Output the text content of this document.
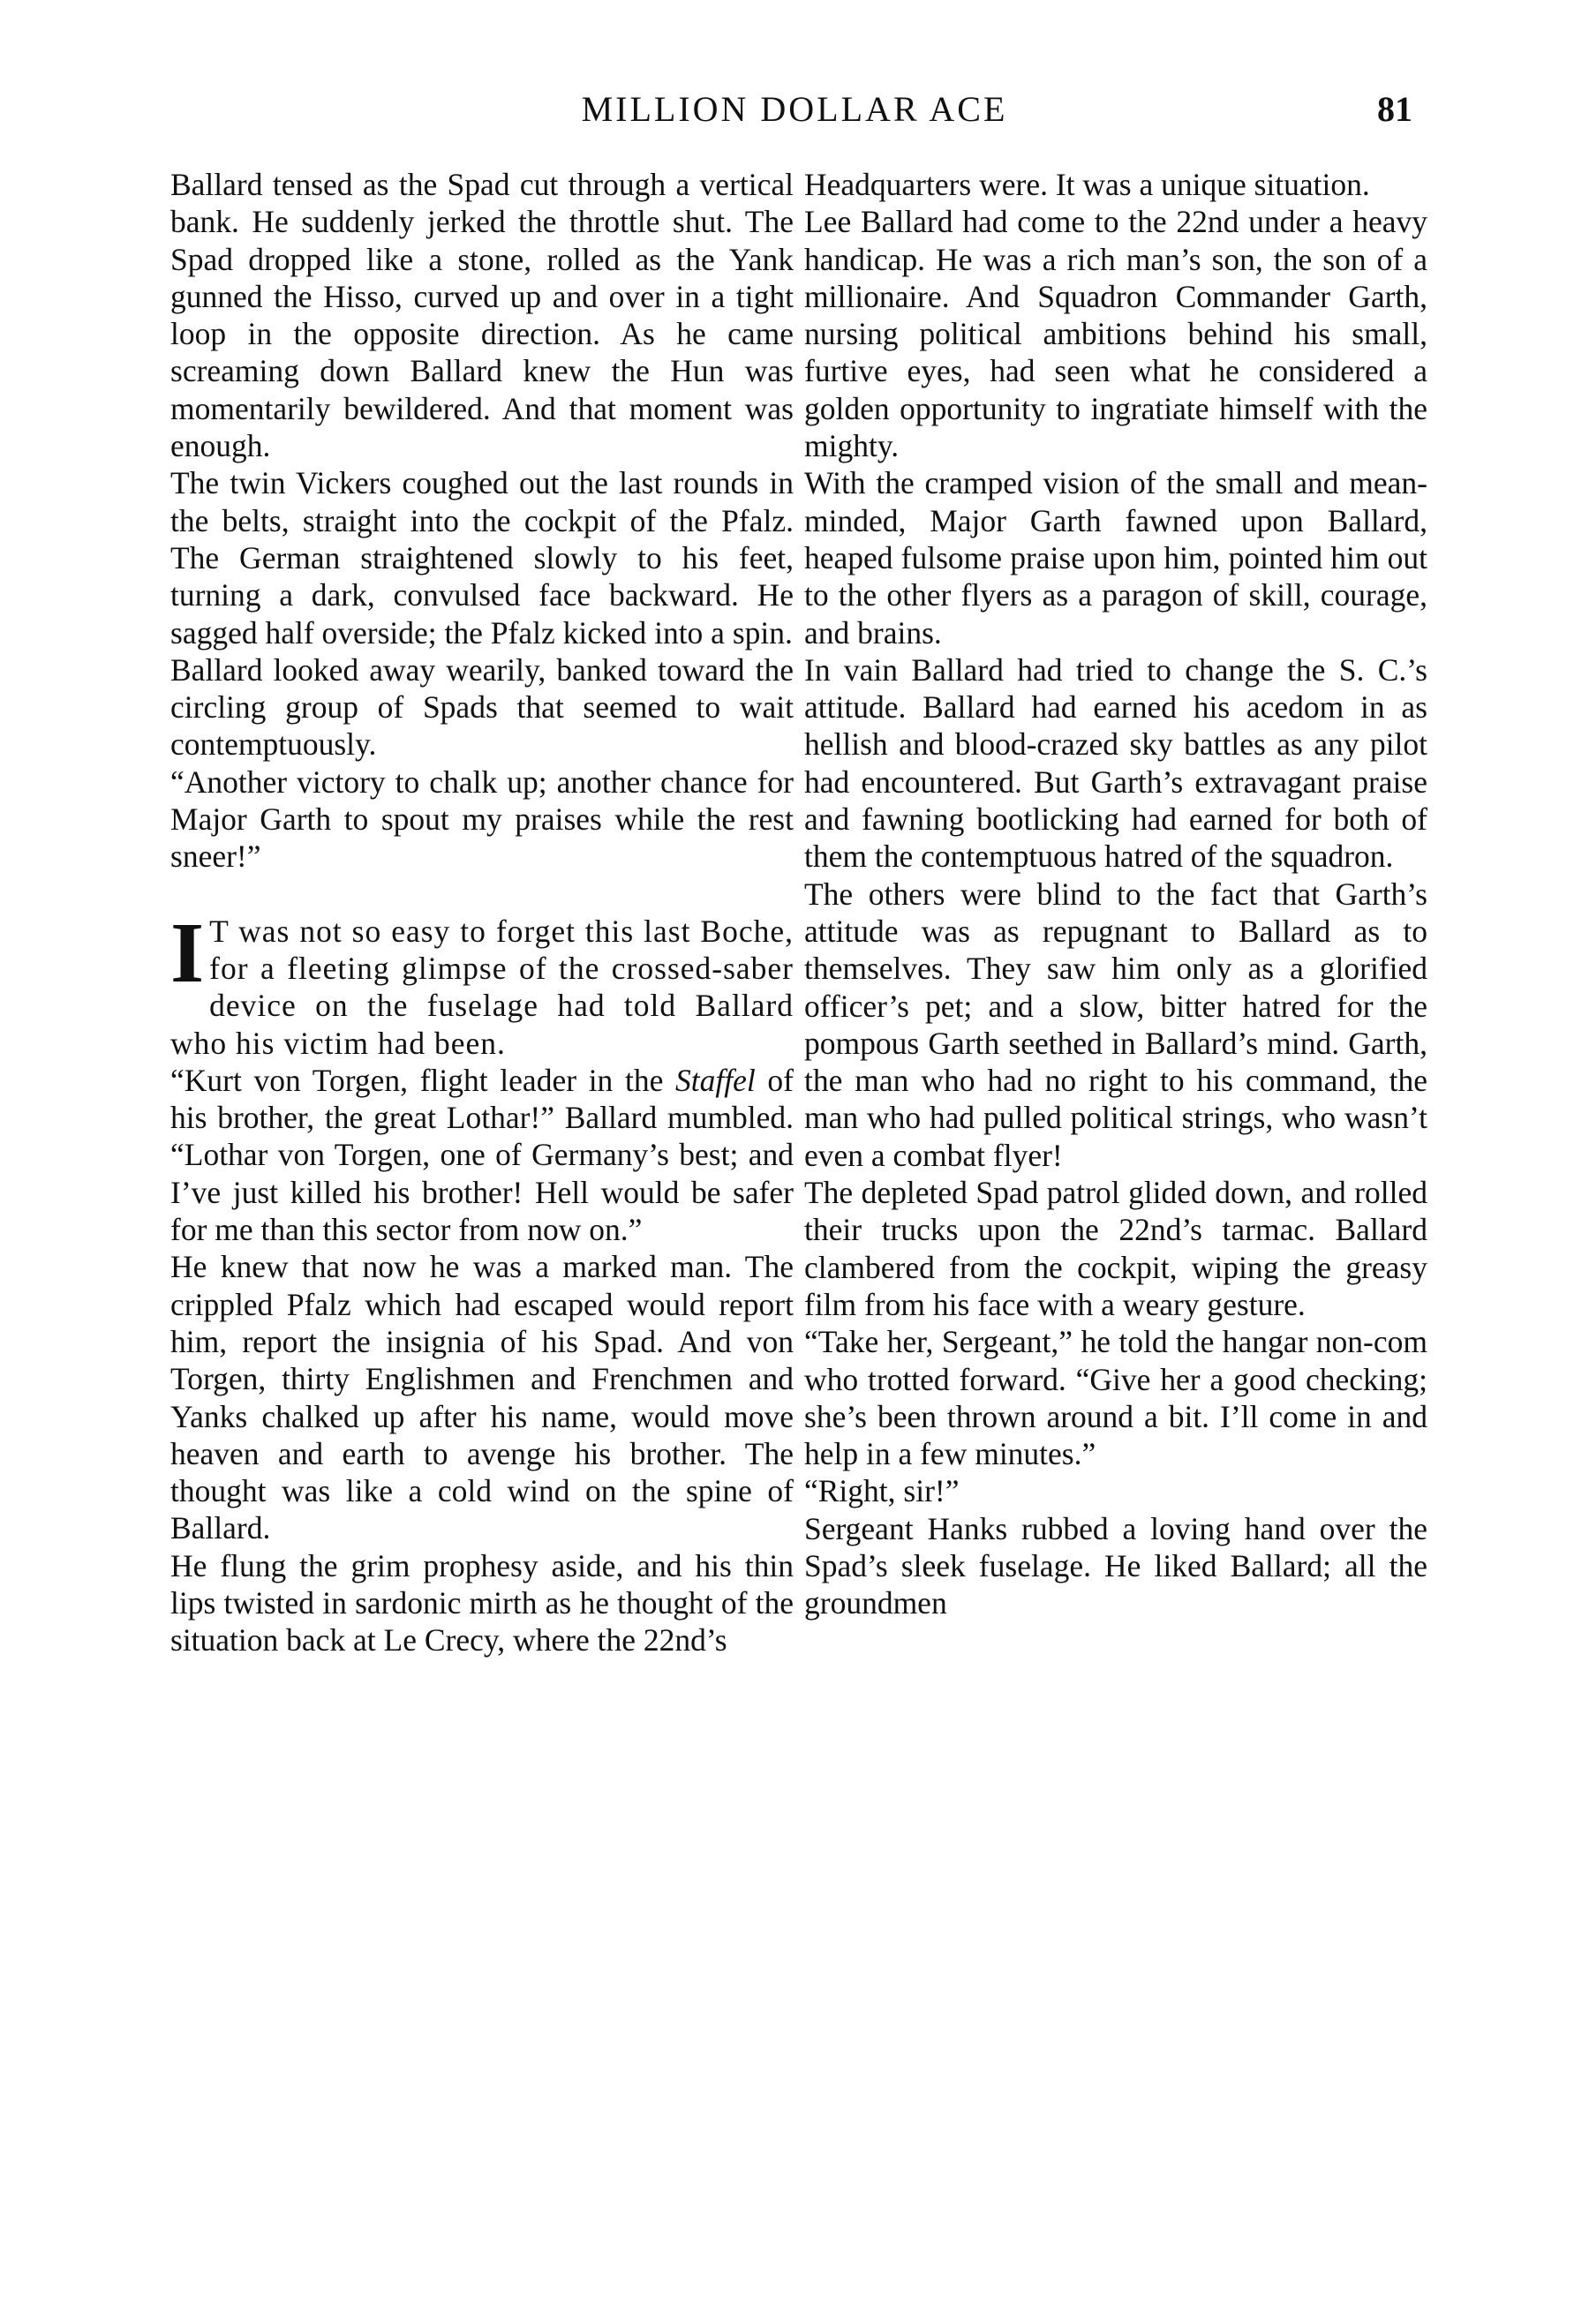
MILLION DOLLAR ACE	81

Ballard tensed as the Spad cut through a vertical bank. He suddenly jerked the throttle shut. The Spad dropped like a stone, rolled as the Yank gunned the Hisso, curved up and over in a tight loop in the opposite direction. As he came screaming down Ballard knew the Hun was momentarily bewildered. And that moment was enough.

The twin Vickers coughed out the last rounds in the belts, straight into the cockpit of the Pfalz. The German straightened slowly to his feet, turning a dark, convulsed face backward. He sagged half overside; the Pfalz kicked into a spin.

Ballard looked away wearily, banked toward the circling group of Spads that seemed to wait contemptuously.

“Another victory to chalk up; another chance for Major Garth to spout my praises while the rest sneer!”

I T was not so easy to forget this last Boche, for a fleeting glimpse of the crossed-saber device on the fuselage had told Ballard who his victim had been.

“Kurt von Torgen, flight leader in the Staffel of his brother, the great Lothar!” Ballard mumbled. “Lothar von Torgen, one of Germany’s best; and I’ve just killed his brother! Hell would be safer for me than this sector from now on.”

He knew that now he was a marked man. The crippled Pfalz which had escaped would report him, report the insignia of his Spad. And von Torgen, thirty Englishmen and Frenchmen and Yanks chalked up after his name, would move heaven and earth to avenge his brother. The thought was like a cold wind on the spine of Ballard.

He flung the grim prophesy aside, and his thin lips twisted in sardonic mirth as he thought of the situation back at Le Crecy, where the 22nd’s

Headquarters were. It was a unique situation.

Lee Ballard had come to the 22nd under a heavy handicap. He was a rich man’s son, the son of a millionaire. And Squadron Commander Garth, nursing political ambitions behind his small, furtive eyes, had seen what he considered a golden opportunity to ingratiate himself with the mighty.

With the cramped vision of the small and mean-minded, Major Garth fawned upon Ballard, heaped fulsome praise upon him, pointed him out to the other flyers as a paragon of skill, courage, and brains.

In vain Ballard had tried to change the S. C.’s attitude. Ballard had earned his acedom in as hellish and blood-crazed sky battles as any pilot had encountered. But Garth’s extravagant praise and fawning bootlicking had earned for both of them the contemptuous hatred of the squadron.

The others were blind to the fact that Garth’s attitude was as repugnant to Ballard as to themselves. They saw him only as a glorified officer’s pet; and a slow, bitter hatred for the pompous Garth seethed in Ballard’s mind. Garth, the man who had no right to his command, the man who had pulled political strings, who wasn’t even a combat flyer!

The depleted Spad patrol glided down, and rolled their trucks upon the 22nd’s tarmac. Ballard clambered from the cockpit, wiping the greasy film from his face with a weary gesture.

“Take her, Sergeant,” he told the hangar non-com who trotted forward. “Give her a good checking; she’s been thrown around a bit. I’ll come in and help in a few minutes.”

“Right, sir!”

Sergeant Hanks rubbed a loving hand over the Spad’s sleek fuselage. He liked Ballard; all the groundmen
